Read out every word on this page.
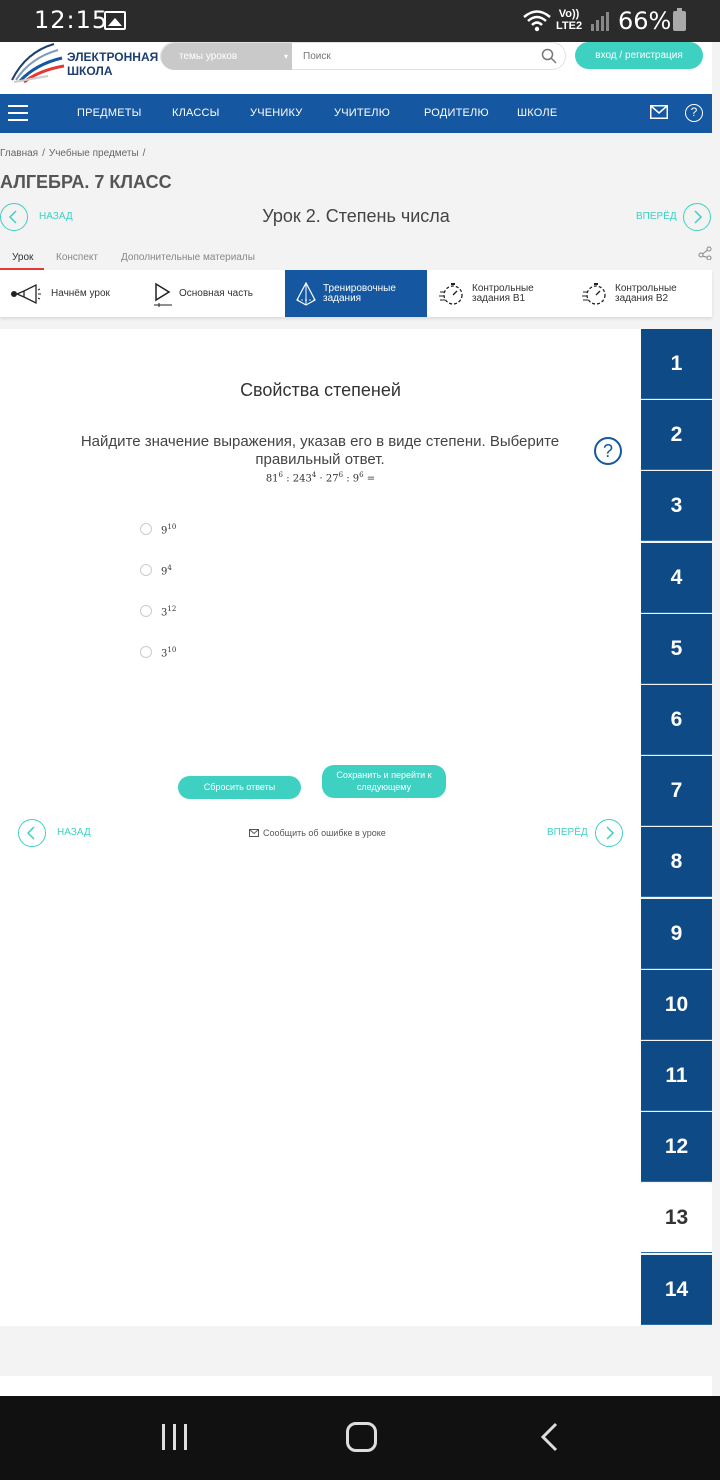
12:15	Vo))
LTE2 66%
ЭЛЕКТРОННАЯ
ШКОЛА
темы уроков	▾
Поиск	вход / регистрация
ПРЕДМЕТЫ	КЛАССЫ	УЧЕНИКУ	УЧИТЕЛЮ	РОДИТЕЛЮ	ШКОЛЕ	?
Главная / Учебные предметы /
АЛГЕБРА. 7 КЛАСС
НАЗАД	Урок 2. Степень числа	ВПЕРЁД
Урок Конспект Дополнительные материалы
Начнём урок	Основная часть	Тренировочные
задания
Контрольные
задания В1
Контрольные
задания В2
Свойства степеней
Найдите значение выражения, указав его в виде степени. Выберите правильный ответ.
$81^6$ : $243^4 \cdot 27^6$ : $9^6$ =
?
$9^{10}$
$9^4$
$3^{12}$
$3^{10}$
Сбросить ответы
Сохранить и перейти к
следующему
НАЗАД	Сообщить об ошибке в уроке	ВПЕРЁД
1
2
3
4
5
6
7
8
9
10
11
12
13
14
